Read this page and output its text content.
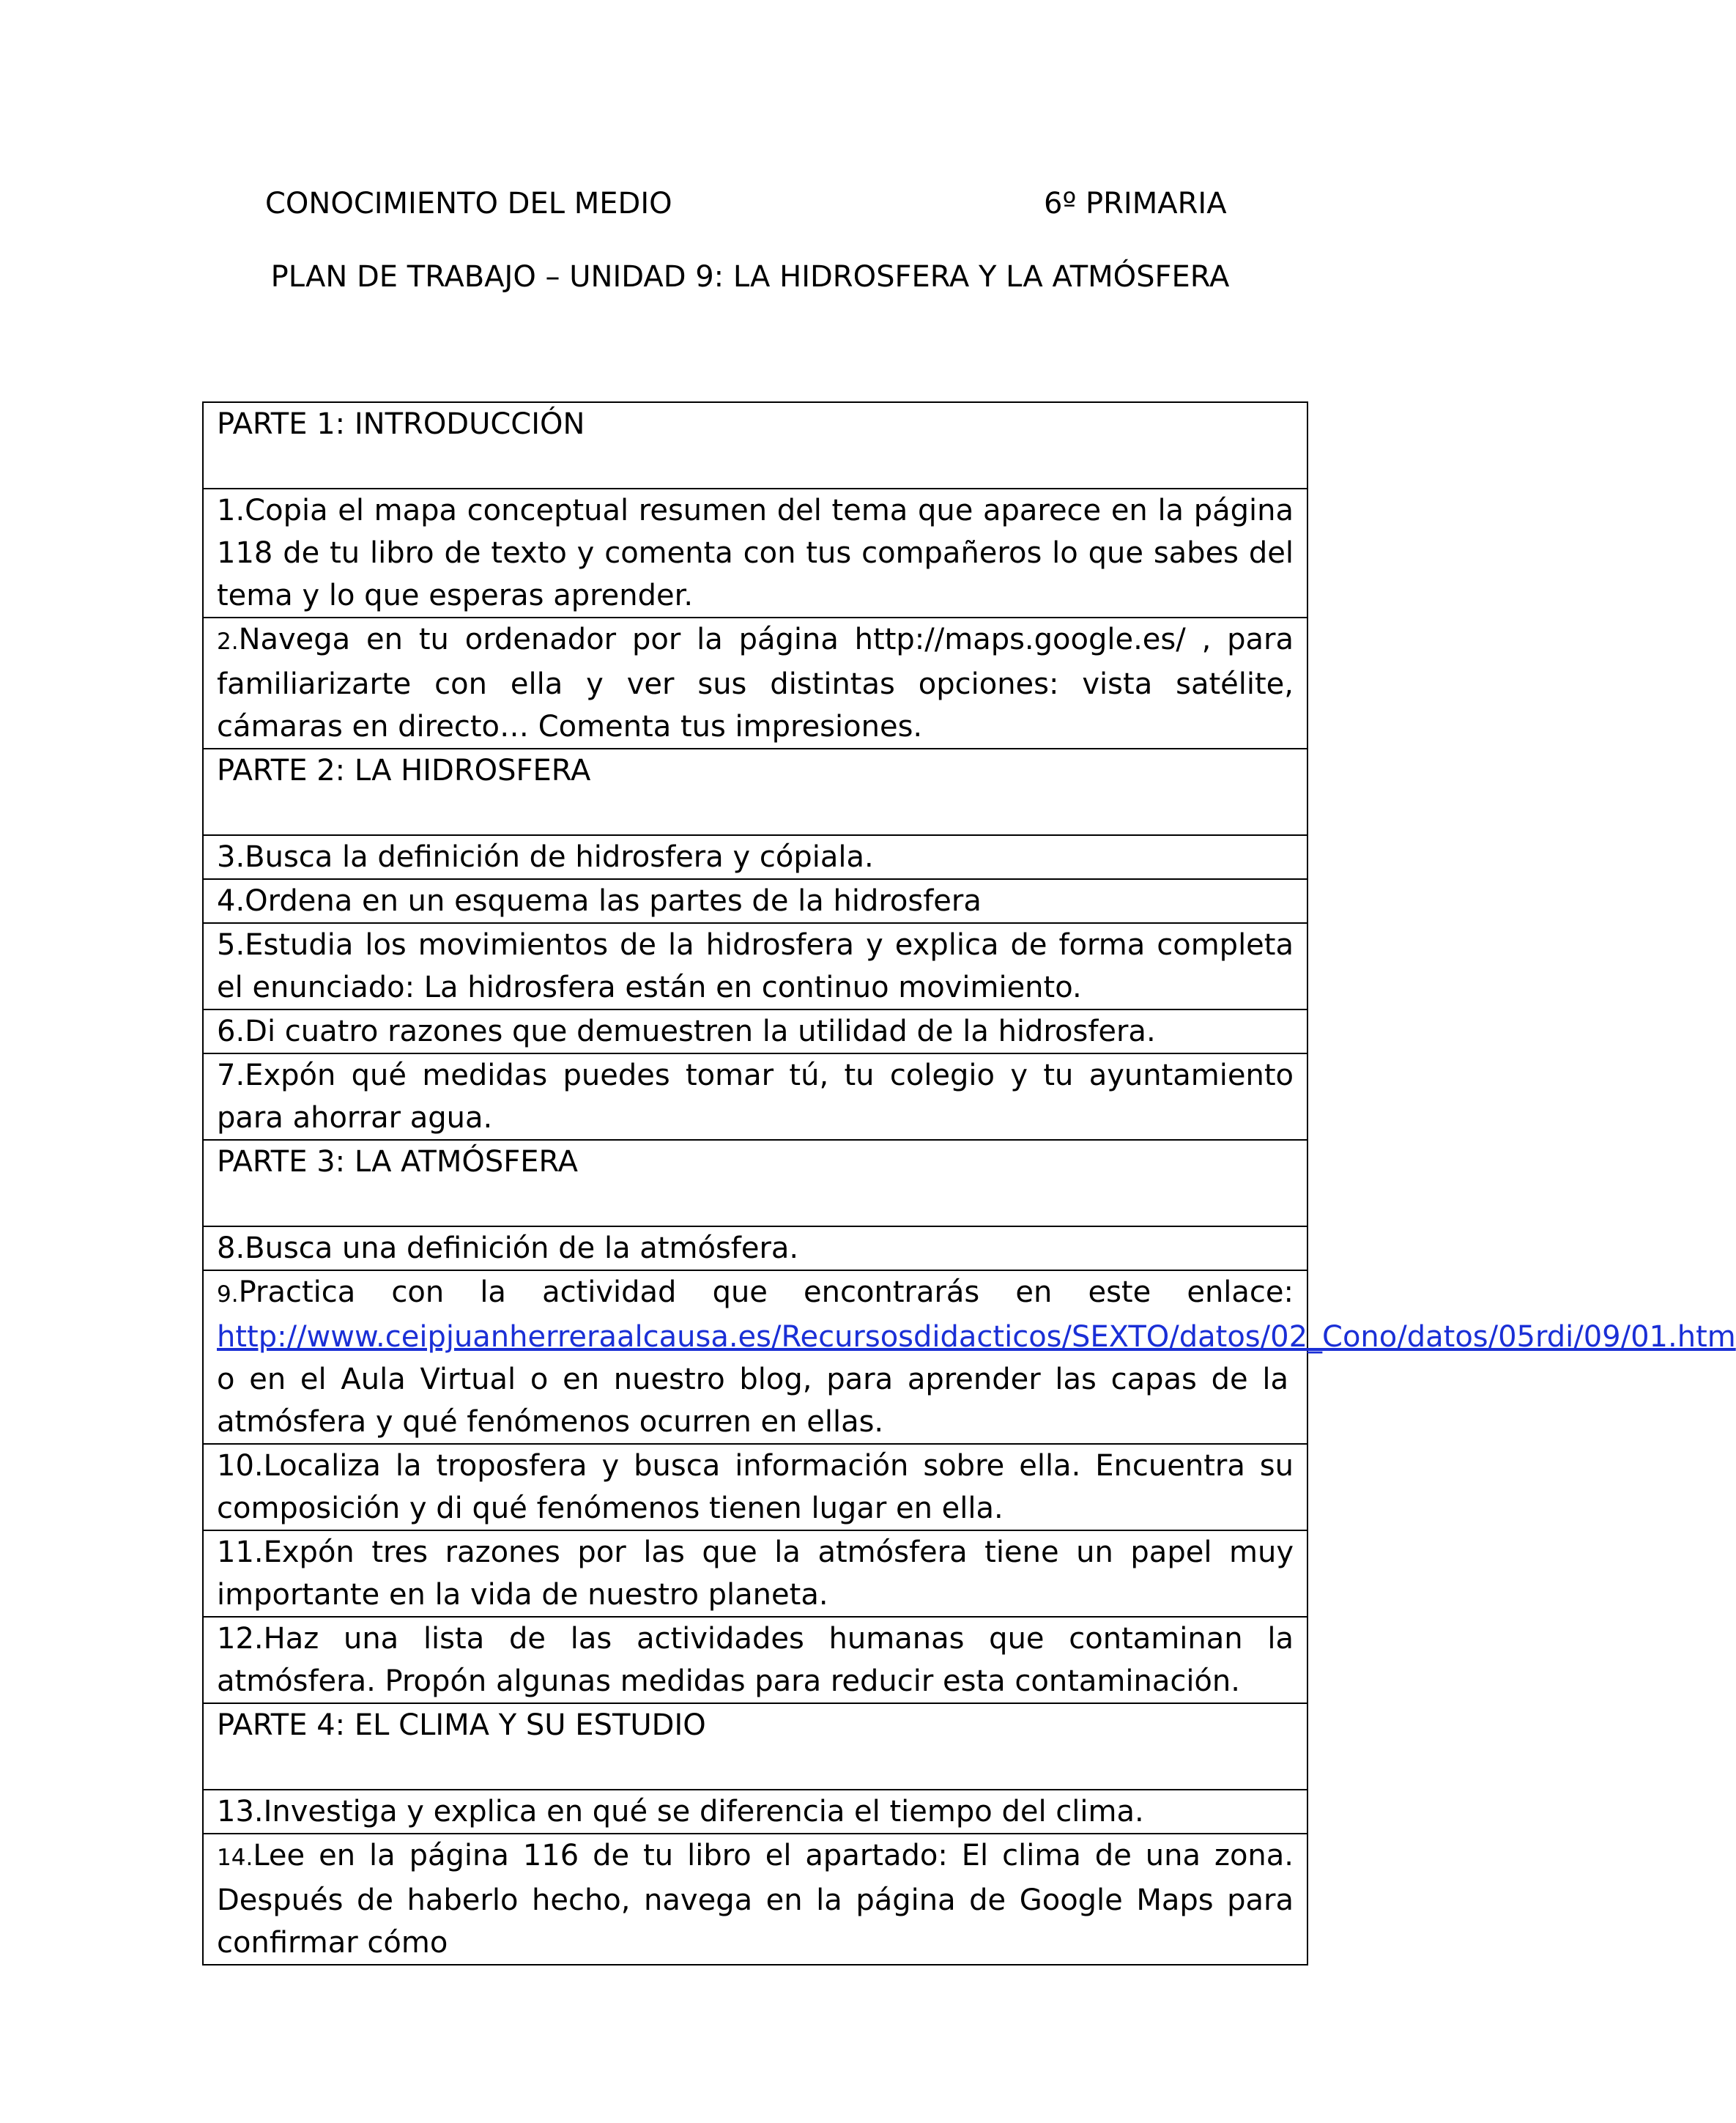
CONOCIMIENTO DEL MEDIO	6º PRIMARIA
PLAN DE TRABAJO – UNIDAD 9: LA HIDROSFERA Y LA ATMÓSFERA
PARTE 1: INTRODUCCIÓN
1.Copia el mapa conceptual resumen del tema que aparece en la página 118 de tu libro de texto y comenta con tus compañeros lo que sabes del tema y lo que esperas aprender.
2.Navega en tu ordenador por la página http://maps.google.es/ , para familiarizarte con ella y ver sus distintas opciones: vista satélite, cámaras en directo… Comenta tus impresiones.
PARTE 2: LA HIDROSFERA
3.Busca la definición de hidrosfera y cópiala.
4.Ordena en un esquema las partes de la hidrosfera
5.Estudia los movimientos de la hidrosfera y explica de forma completa el enunciado: La hidrosfera están en continuo movimiento.
6.Di cuatro razones que demuestren la utilidad de la hidrosfera.
7.Expón qué medidas puedes tomar tú, tu colegio y tu ayuntamiento para ahorrar agua.
PARTE 3: LA ATMÓSFERA
8.Busca una definición de la atmósfera.
9.Practica con la actividad que encontrarás en este enlace: http://www.ceipjuanherreraalcausa.es/Recursosdidacticos/SEXTO/datos/02_Cono/datos/05rdi/09/01.htm o en el Aula Virtual o en nuestro blog, para aprender las capas de la atmósfera y qué fenómenos ocurren en ellas.
10.Localiza la troposfera y busca información sobre ella. Encuentra su composición y di qué fenómenos tienen lugar en ella.
11.Expón tres razones por las que la atmósfera tiene un papel muy importante en la vida de nuestro planeta.
12.Haz una lista de las actividades humanas que contaminan la atmósfera. Propón algunas medidas para reducir esta contaminación.
PARTE 4: EL CLIMA Y SU ESTUDIO
13.Investiga y explica en qué se diferencia el tiempo del clima.
14.Lee en la página 116 de tu libro el apartado: El clima de una zona. Después de haberlo hecho, navega en la página de Google Maps para confirmar cómo
